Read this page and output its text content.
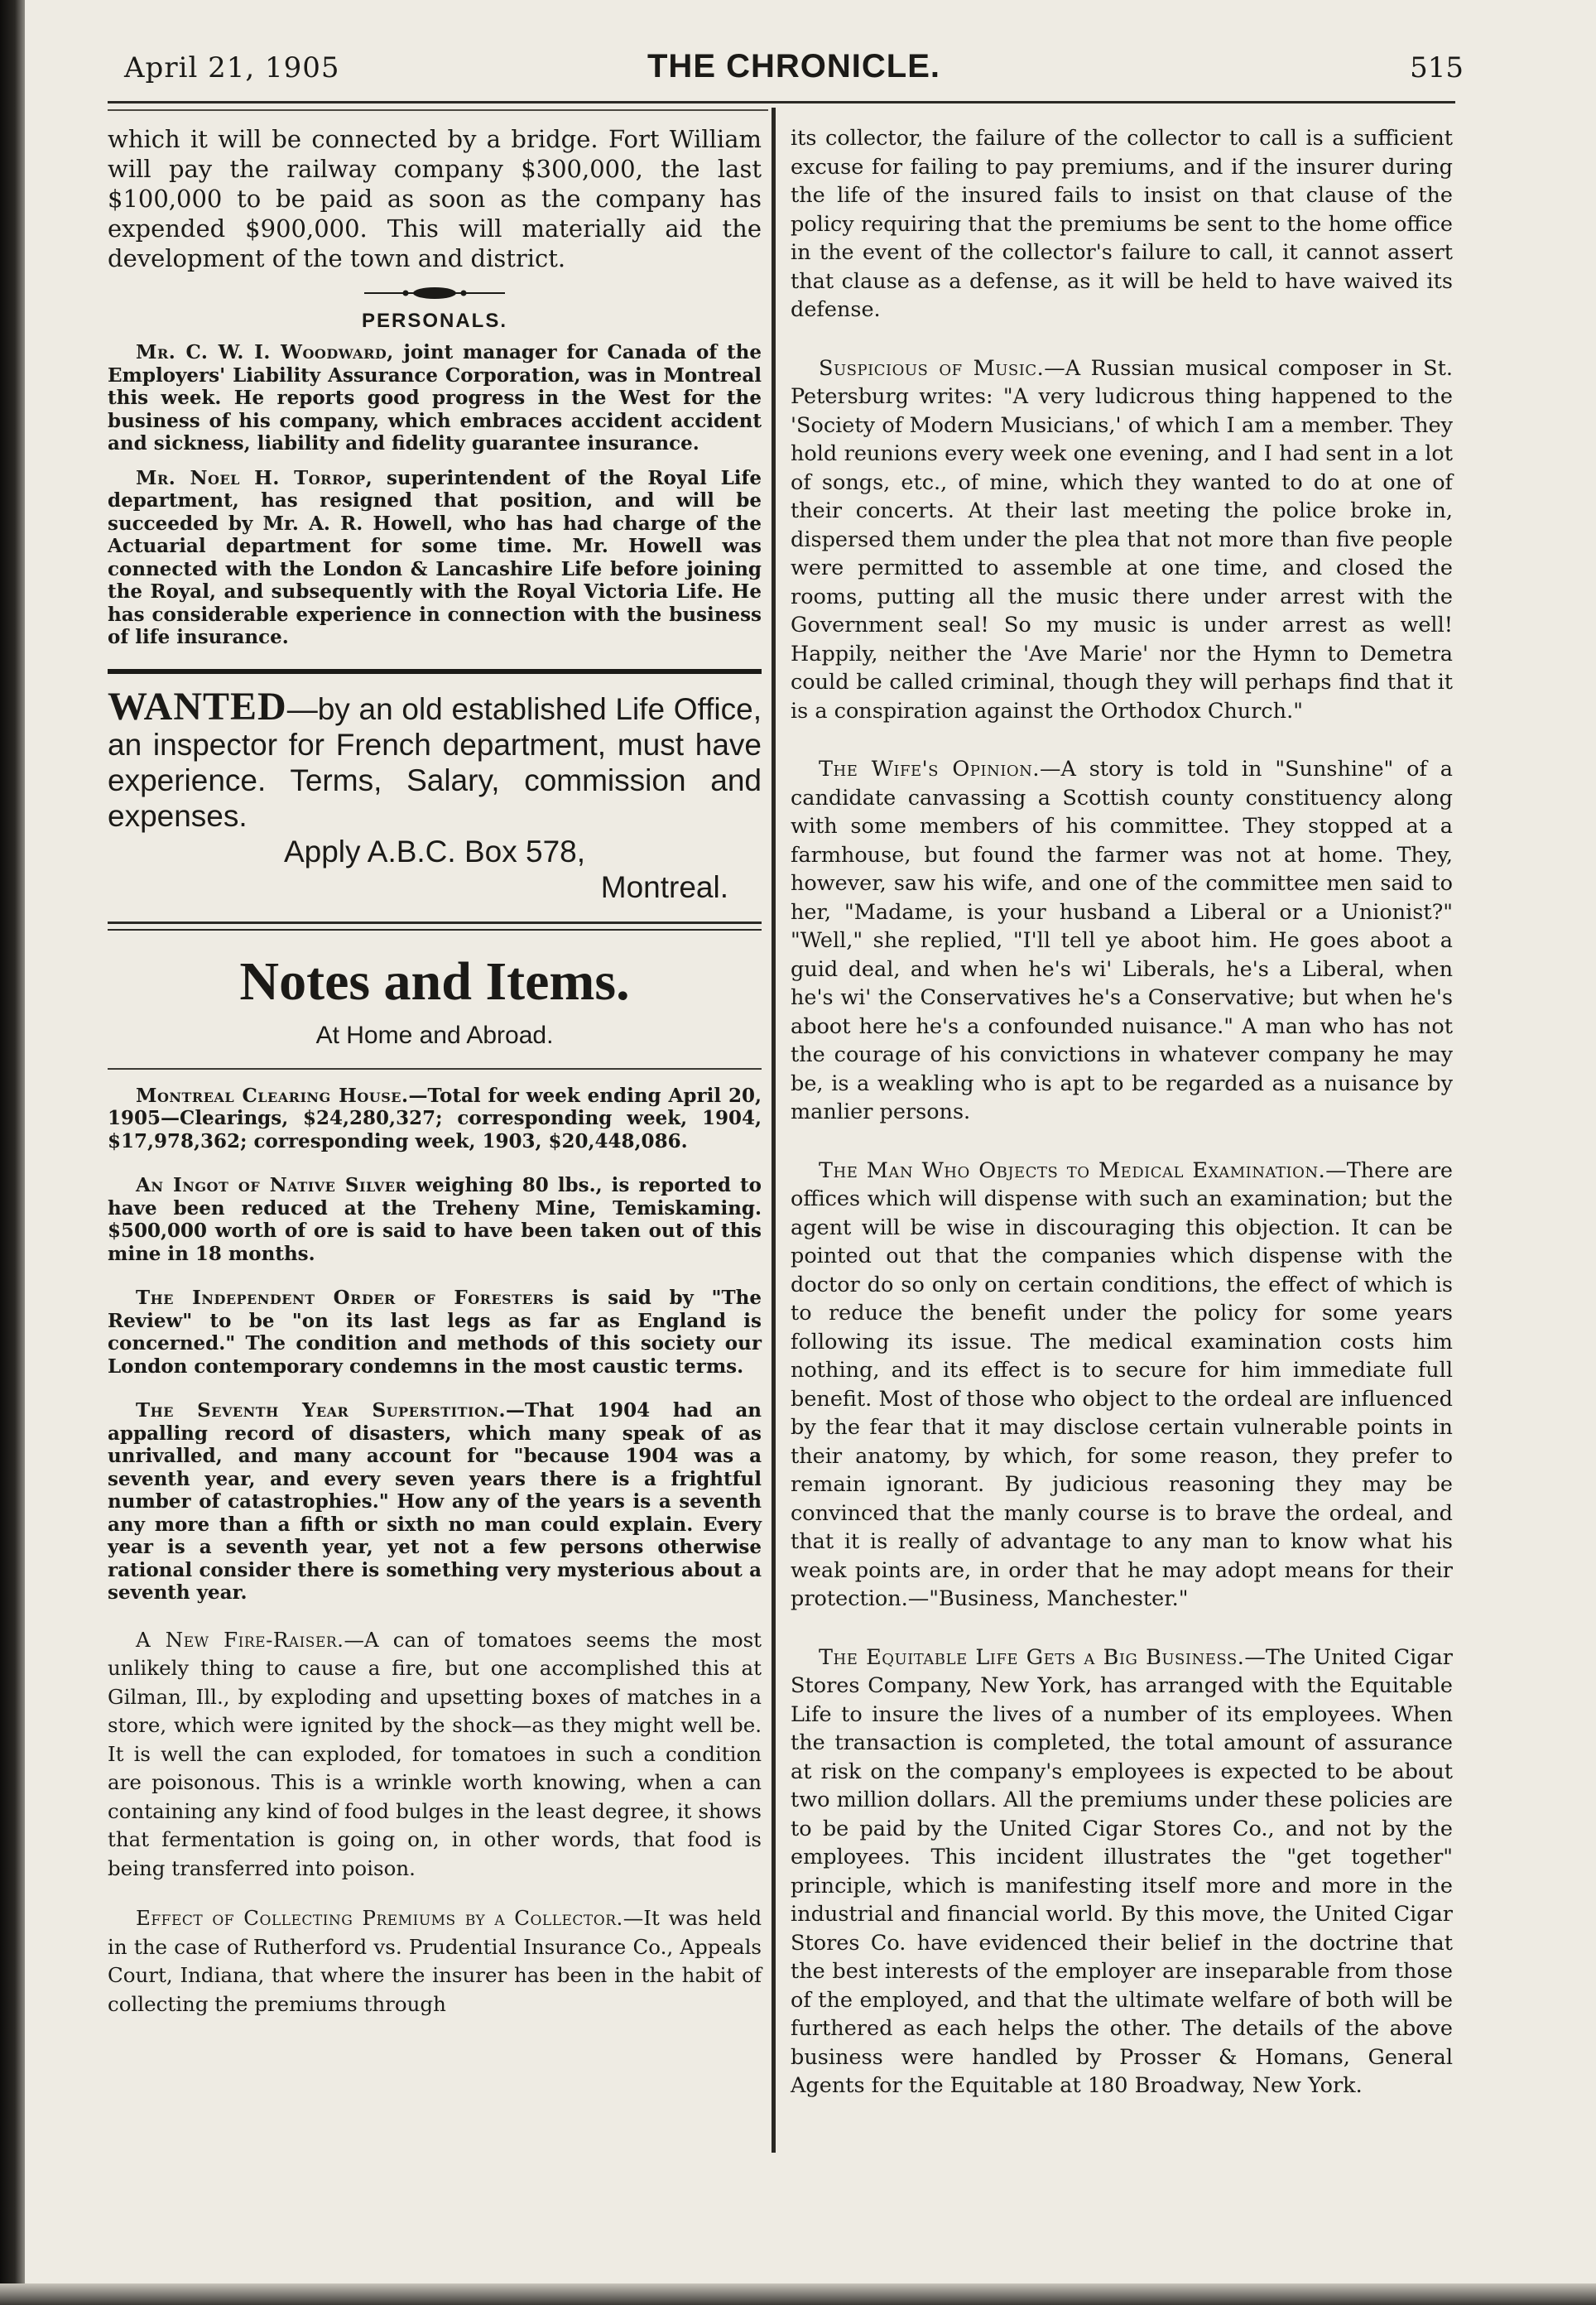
April 21, 1905	THE CHRONICLE.	515

which it will be connected by a bridge. Fort William will pay the railway company $300,000, the last $100,000 to be paid as soon as the company has expended $900,000. This will materially aid the development of the town and district.

PERSONALS.

Mr. C. W. I. Woodward, joint manager for Canada of the Employers' Liability Assurance Corporation, was in Montreal this week. He reports good progress in the West for the business of his company, which embraces accident accident and sickness, liability and fidelity guarantee insurance.

Mr. Noel H. Torrop, superintendent of the Royal Life department, has resigned that position, and will be succeeded by Mr. A. R. Howell, who has had charge of the Actuarial department for some time. Mr. Howell was connected with the London & Lancashire Life before joining the Royal, and subsequently with the Royal Victoria Life. He has considerable experience in connection with the business of life insurance.

WANTED—by an old established Life Office, an inspector for French department, must have experience. Terms, Salary, commission and expenses.

Apply A.B.C. Box 578,
Montreal.
Notes and Items.
At Home and Abroad.

Montreal Clearing House.—Total for week ending April 20, 1905—Clearings, $24,280,327; corresponding week, 1904, $17,978,362; corresponding week, 1903, $20,448,086.

An Ingot of Native Silver weighing 80 lbs., is reported to have been reduced at the Treheny Mine, Temiskaming. $500,000 worth of ore is said to have been taken out of this mine in 18 months.

The Independent Order of Foresters is said by "The Review" to be "on its last legs as far as England is concerned." The condition and methods of this society our London contemporary condemns in the most caustic terms.

The Seventh Year Superstition.—That 1904 had an appalling record of disasters, which many speak of as unrivalled, and many account for "because 1904 was a seventh year, and every seven years there is a frightful number of catastrophies." How any of the years is a seventh any more than a fifth or sixth no man could explain. Every year is a seventh year, yet not a few persons otherwise rational consider there is something very mysterious about a seventh year.

A New Fire-Raiser.—A can of tomatoes seems the most unlikely thing to cause a fire, but one accomplished this at Gilman, Ill., by exploding and upsetting boxes of matches in a store, which were ignited by the shock—as they might well be. It is well the can exploded, for tomatoes in such a condition are poisonous. This is a wrinkle worth knowing, when a can containing any kind of food bulges in the least degree, it shows that fermentation is going on, in other words, that food is being transferred into poison.

Effect of Collecting Premiums by a Collector.—It was held in the case of Rutherford vs. Prudential Insurance Co., Appeals Court, Indiana, that where the insurer has been in the habit of collecting the premiums through

its collector, the failure of the collector to call is a sufficient excuse for failing to pay premiums, and if the insurer during the life of the insured fails to insist on that clause of the policy requiring that the premiums be sent to the home office in the event of the collector's failure to call, it cannot assert that clause as a defense, as it will be held to have waived its defense.

Suspicious of Music.—A Russian musical composer in St. Petersburg writes: "A very ludicrous thing happened to the 'Society of Modern Musicians,' of which I am a member. They hold reunions every week one evening, and I had sent in a lot of songs, etc., of mine, which they wanted to do at one of their concerts. At their last meeting the police broke in, dispersed them under the plea that not more than five people were permitted to assemble at one time, and closed the rooms, putting all the music there under arrest with the Government seal! So my music is under arrest as well! Happily, neither the 'Ave Marie' nor the Hymn to Demetra could be called criminal, though they will perhaps find that it is a conspiration against the Orthodox Church."

The Wife's Opinion.—A story is told in "Sunshine" of a candidate canvassing a Scottish county constituency along with some members of his committee. They stopped at a farmhouse, but found the farmer was not at home. They, however, saw his wife, and one of the committee men said to her, "Madame, is your husband a Liberal or a Unionist?" "Well," she replied, "I'll tell ye aboot him. He goes aboot a guid deal, and when he's wi' Liberals, he's a Liberal, when he's wi' the Conservatives he's a Conservative; but when he's aboot here he's a confounded nuisance." A man who has not the courage of his convictions in whatever company he may be, is a weakling who is apt to be regarded as a nuisance by manlier persons.

The Man Who Objects to Medical Examination.—There are offices which will dispense with such an examination; but the agent will be wise in discouraging this objection. It can be pointed out that the companies which dispense with the doctor do so only on certain conditions, the effect of which is to reduce the benefit under the policy for some years following its issue. The medical examination costs him nothing, and its effect is to secure for him immediate full benefit. Most of those who object to the ordeal are influenced by the fear that it may disclose certain vulnerable points in their anatomy, by which, for some reason, they prefer to remain ignorant. By judicious reasoning they may be convinced that the manly course is to brave the ordeal, and that it is really of advantage to any man to know what his weak points are, in order that he may adopt means for their protection.—"Business, Manchester."

The Equitable Life Gets a Big Business.—The United Cigar Stores Company, New York, has arranged with the Equitable Life to insure the lives of a number of its employees. When the transaction is completed, the total amount of assurance at risk on the company's employees is expected to be about two million dollars. All the premiums under these policies are to be paid by the United Cigar Stores Co., and not by the employees. This incident illustrates the "get together" principle, which is manifesting itself more and more in the industrial and financial world. By this move, the United Cigar Stores Co. have evidenced their belief in the doctrine that the best interests of the employer are inseparable from those of the employed, and that the ultimate welfare of both will be furthered as each helps the other. The details of the above business were handled by Prosser & Homans, General Agents for the Equitable at 180 Broadway, New York.
